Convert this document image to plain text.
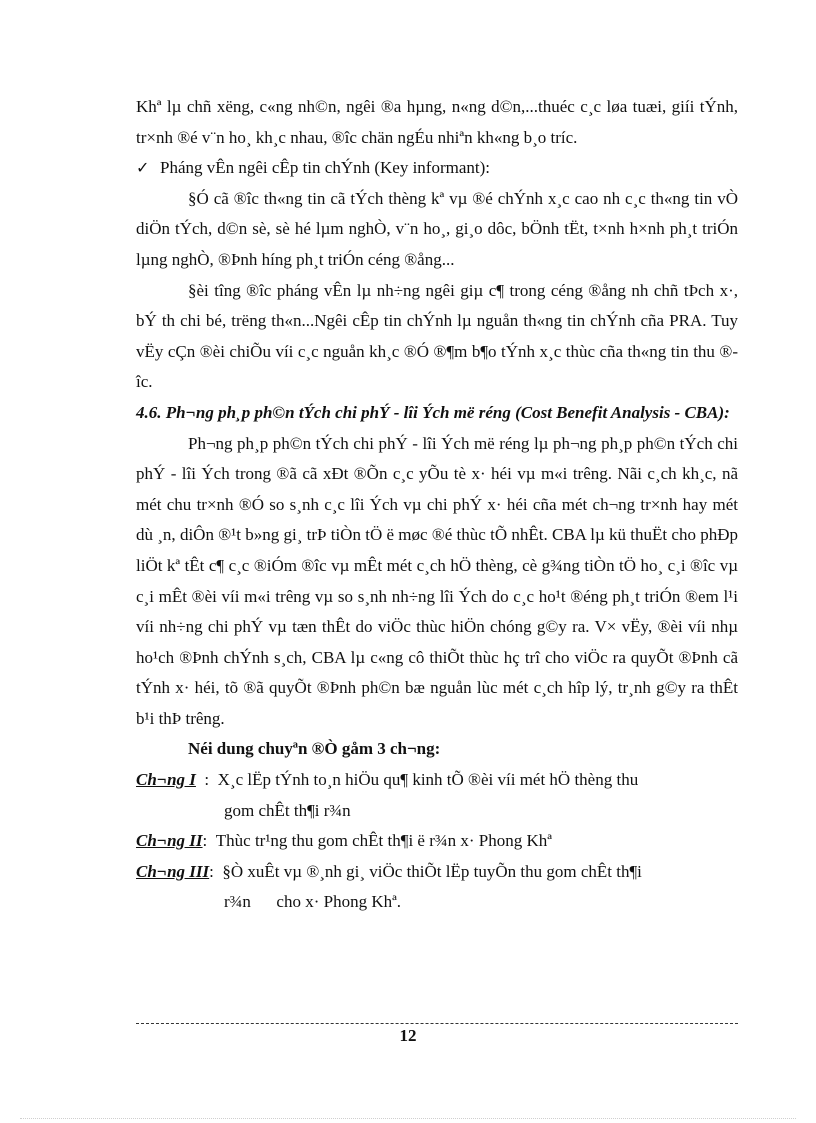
Khª lµ chñ xëng, c«ng nh©n, ngêi ®a hµng, n«ng d©n,...thuéc c¸c løa tuæi, giíi tÝnh, tr×nh ®é v¨n ho¸ kh¸c nhau, ®îc chän ngÉu nhiªn kh«ng b¸o tríc.

✓ Pháng vÊn ngêi cÊp tin chÝnh (Key informant):

§Ó cã ®îc th«ng tin cã tÝch thèng kª vµ ®é chÝnh x¸c cao nh c¸c th«ng tin vÒ diÖn tÝch, d©n sè, sè hé lµm nghÒ, v¨n ho¸, gi¸o dôc, bÖnh tËt, t×nh h×nh ph¸t triÓn lµng nghÒ, ®Þnh híng ph¸t triÓn céng ®ång...

§èi tîng ®îc pháng vÊn lµ nh÷ng ngêi giµ c¶ trong céng ®ång nh chñ tÞch x·, bÝ th chi bé, trëng th«n...Ngêi cÊp tin chÝnh lµ nguån th«ng tin chÝnh cña PRA. Tuy vËy cÇn ®èi chiÕu víi c¸c nguån kh¸c ®Ó ®¶m b¶o tÝnh x¸c thùc cña th«ng tin thu ®îc.

4.6. Ph¬ng ph¸p ph©n tÝch chi phÝ - lîi Ých më réng (Cost Benefit Analysis - CBA):

Ph¬ng ph¸p ph©n tÝch chi phÝ - lîi Ých më réng lµ ph¬ng ph¸p ph©n tÝch chi phÝ - lîi Ých trong ®ã cã xÐt ®Õn c¸c yÕu tè x· héi vµ m«i trêng. Nãi c¸ch kh¸c, nã mét chu tr×nh ®Ó so s¸nh c¸c lîi Ých vµ chi phÝ x· héi cña mét ch¬ng tr×nh hay mét dù ¸n, diÔn ®¹t b»ng gi¸ trÞ tiÒn tÖ ë møc ®é thùc tÕ nhÊt. CBA lµ kü thuËt cho phÐp liÖt kª tÊt c¶ c¸c ®iÓm ®îc vµ mÊt mét c¸ch hÖ thèng, cè g¾ng tiÒn tÖ ho¸ c¸i ®îc vµ c¸i mÊt ®èi víi m«i trêng vµ so s¸nh nh÷ng lîi Ých do c¸c ho¹t ®éng ph¸t triÓn ®em l¹i víi nh÷ng chi phÝ vµ tæn thÊt do viÖc thùc hiÖn chóng g©y ra. V× vËy, ®èi víi nhµ ho¹ch ®Þnh chÝnh s¸ch, CBA lµ c«ng cô thiÕt thùc hç trî cho viÖc ra quyÕt ®Þnh cã tÝnh x· héi, tõ ®ã quyÕt ®Þnh ph©n bæ nguån lùc mét c¸ch hîp lý, tr¸nh g©y ra thÊt b¹i thÞ trêng.

Néi dung chuyªn ®Ò gåm 3 ch¬ng:

Ch¬ng I : X¸c lËp tÝnh to¸n hiÖu qu¶ kinh tÕ ®èi víi mét hÖ thèng thu

gom chÊt th¶i r¾n

Ch¬ng II : Thùc tr¹ng thu gom chÊt th¶i ë r¾n x· Phong Khª

Ch¬ng III : §Ò xuÊt vµ ®¸nh gi¸ viÖc thiÕt lËp tuyÕn thu gom chÊt th¶i

r¾n      cho x· Phong Khª.

12
